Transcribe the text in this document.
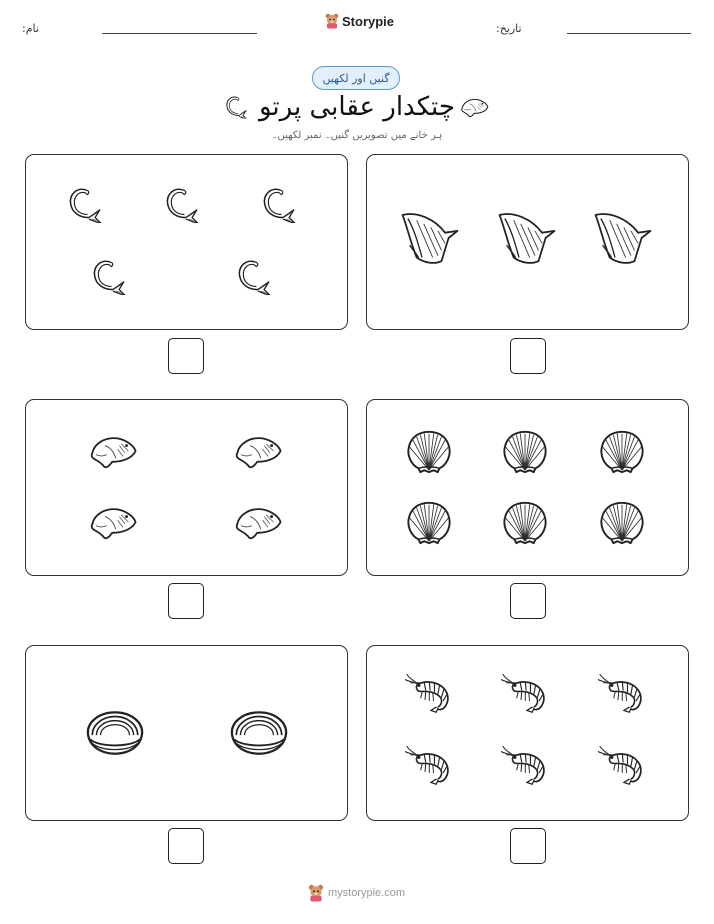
نام:	Storypie	تاریخ:
گنیں اور لکھیں
چتکدار عقابی پرتو
ہر خانے میں تصویریں گنیں۔ نمبر لکھیں۔
mystorypie.com
